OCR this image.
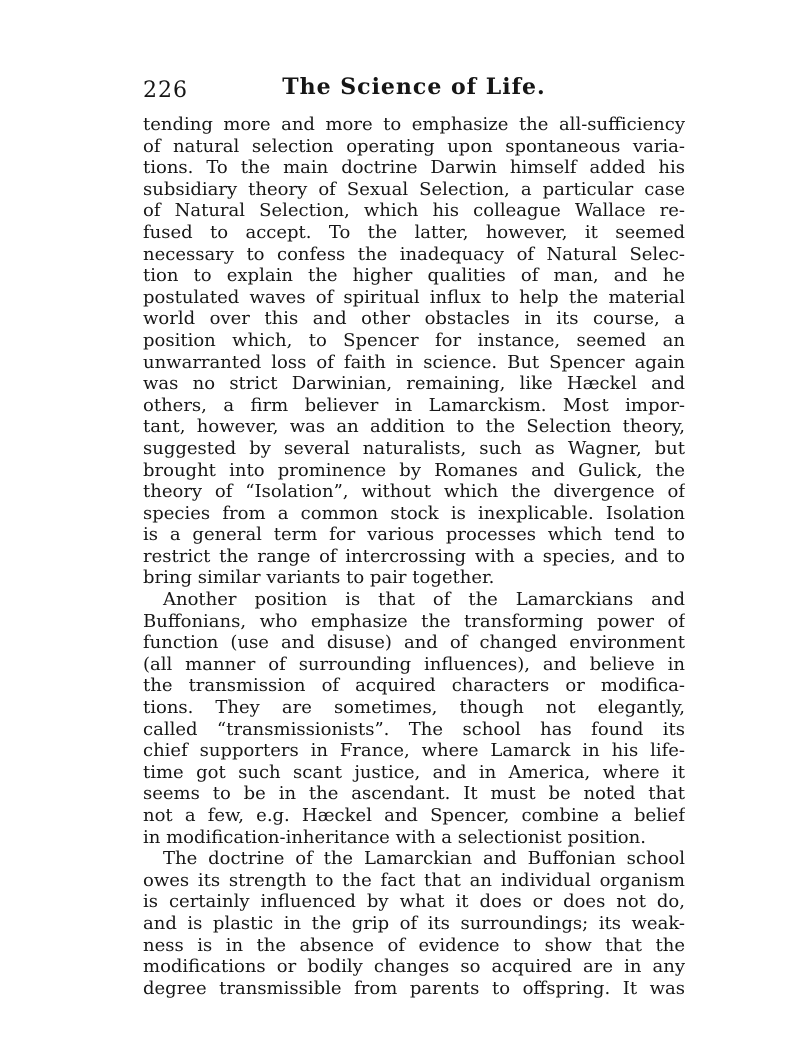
226	The Science of Life.
tending more and more to emphasize the all-sufficiency
of natural selection operating upon spontaneous varia-
tions. To the main doctrine Darwin himself added his
subsidiary theory of Sexual Selection, a particular case
of Natural Selection, which his colleague Wallace re-
fused to accept. To the latter, however, it seemed
necessary to confess the inadequacy of Natural Selec-
tion to explain the higher qualities of man, and he
postulated waves of spiritual influx to help the material
world over this and other obstacles in its course, a
position which, to Spencer for instance, seemed an
unwarranted loss of faith in science. But Spencer again
was no strict Darwinian, remaining, like Hæckel and
others, a firm believer in Lamarckism. Most impor-
tant, however, was an addition to the Selection theory,
suggested by several naturalists, such as Wagner, but
brought into prominence by Romanes and Gulick, the
theory of “Isolation”, without which the divergence of
species from a common stock is inexplicable. Isolation
is a general term for various processes which tend to
restrict the range of intercrossing with a species, and to
bring similar variants to pair together.
Another position is that of the Lamarckians and
Buffonians, who emphasize the transforming power of
function (use and disuse) and of changed environment
(all manner of surrounding influences), and believe in
the transmission of acquired characters or modifica-
tions. They are sometimes, though not elegantly,
called “transmissionists”. The school has found its
chief supporters in France, where Lamarck in his life-
time got such scant justice, and in America, where it
seems to be in the ascendant. It must be noted that
not a few, e.g. Hæckel and Spencer, combine a belief
in modification-inheritance with a selectionist position.
The doctrine of the Lamarckian and Buffonian school
owes its strength to the fact that an individual organism
is certainly influenced by what it does or does not do,
and is plastic in the grip of its surroundings; its weak-
ness is in the absence of evidence to show that the
modifications or bodily changes so acquired are in any
degree transmissible from parents to offspring. It was
